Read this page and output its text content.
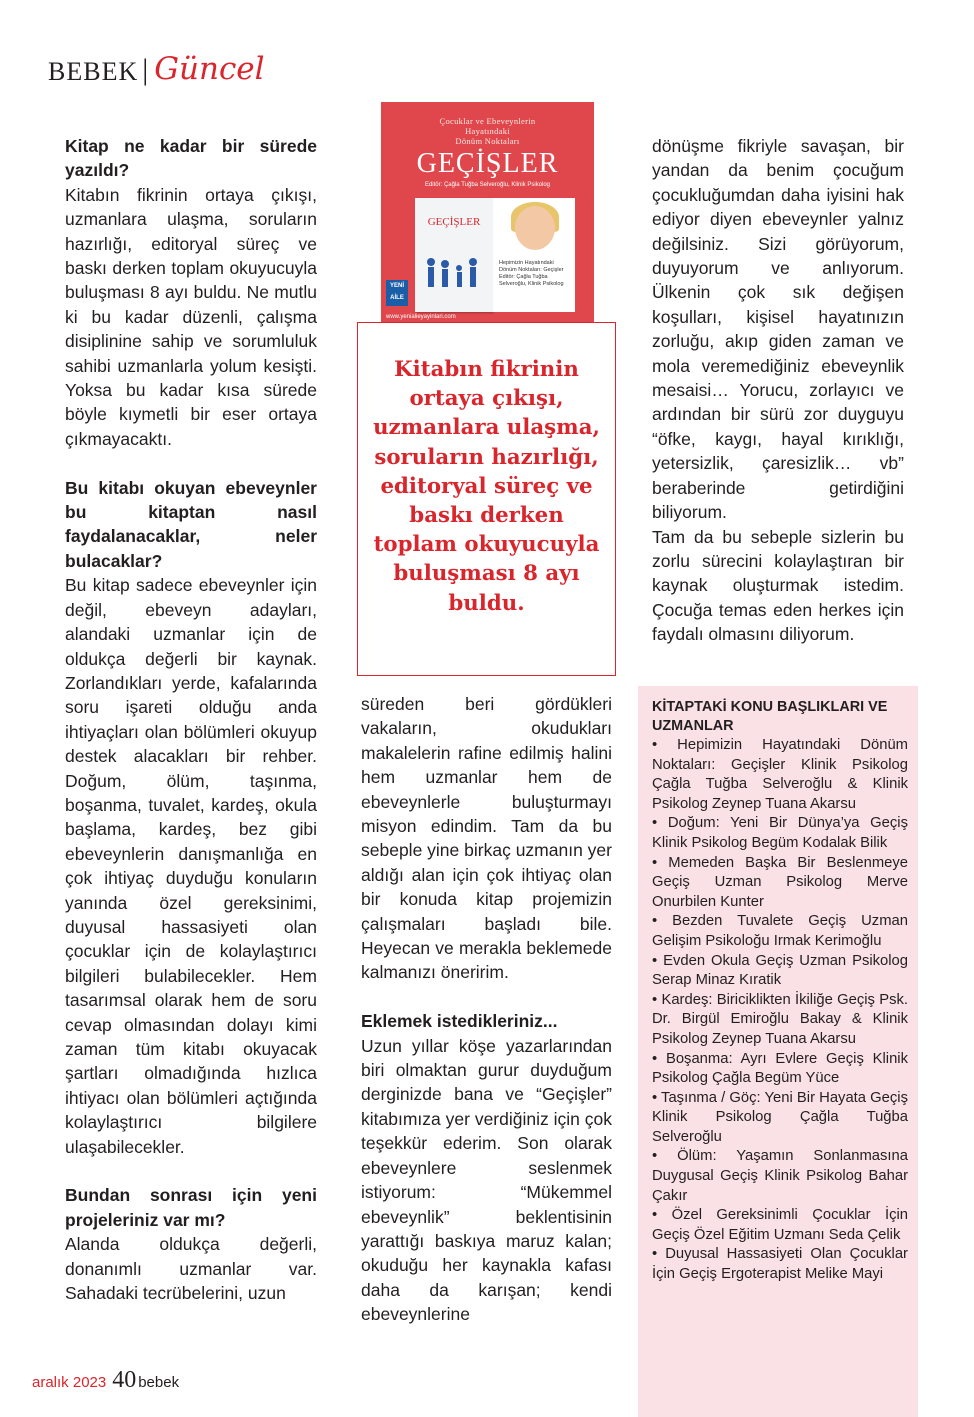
BEBEK | Güncel

Kitap ne kadar bir sürede yazıldı?

Kitabın fikrinin ortaya çıkışı, uzmanlara ulaşma, soruların hazırlığı, editoryal süreç ve baskı derken toplam okuyucuyla buluşması 8 ayı buldu. Ne mutlu ki bu kadar düzenli, çalışma disiplinine sahip ve sorumluluk sahibi uzmanlarla yolum kesişti. Yoksa bu kadar kısa sürede böyle kıymetli bir eser ortaya çıkmayacaktı.

Bu kitabı okuyan ebeveynler bu kitaptan nasıl faydalanacaklar, neler bulacaklar?

Bu kitap sadece ebeveynler için değil, ebeveyn adayları, alandaki uzmanlar için de oldukça değerli bir kaynak. Zorlandıkları yerde, kafalarında soru işareti olduğu anda ihtiyaçları olan bölümleri okuyup destek alacakları bir rehber. Doğum, ölüm, taşınma, boşanma, tuvalet, kardeş, okula başlama, kardeş, bez gibi ebeveynlerin danışmanlığa en çok ihtiyaç duyduğu konuların yanında özel gereksinimi, duyusal hassasiyeti olan çocuklar için de kolaylaştırıcı bilgileri bulabilecekler. Hem tasarımsal olarak hem de soru cevap olmasından dolayı kimi zaman tüm kitabı okuyacak şartları olmadığında hızlıca ihtiyacı olan bölümleri açtığında kolaylaştırıcı bilgilere ulaşabilecekler.

Bundan sonrası için yeni projeleriniz var mı?

Alanda oldukça değerli, donanımlı uzmanlar var. Sahadaki tecrübelerini, uzun

Çocuklar ve Ebeveynlerin
Hayatındaki
Dönüm Noktaları
GEÇİŞLER
Editör: Çağla Tuğba Selveroğlu, Klinik Psikolog
GEÇİŞLER
Hepimizin Hayatındaki Dönüm Noktaları: Geçişler
Editör: Çağla Tuğba Selveroğlu, Klinik Psikolog
YENİ AİLE
www.yenialieyayinlari.com

Kitabın fikrinin ortaya çıkışı, uzmanlara ulaşma, soruların hazırlığı, editoryal süreç ve baskı derken toplam okuyucuyla buluşması 8 ayı buldu.

süreden beri gördükleri vakaların, okudukları makalelerin rafine edilmiş halini hem uzmanlar hem de ebeveynlerle buluşturmayı misyon edindim. Tam da bu sebeple yine birkaç uzmanın yer aldığı alan için çok ihtiyaç olan bir konuda kitap projemizin çalışmaları başladı bile. Heyecan ve merakla beklemede kalmanızı öneririm.

Eklemek istedikleriniz...

Uzun yıllar köşe yazarlarından biri olmaktan gurur duyduğum derginizde bana ve “Geçişler” kitabımıza yer verdiğiniz için çok teşekkür ederim. Son olarak ebeveynlere seslenmek istiyorum: “Mükemmel ebeveynlik” beklentisinin yarattığı baskıya maruz kalan; okuduğu her kaynakla kafası daha da karışan; kendi ebeveynlerine

dönüşme fikriyle savaşan, bir yandan da benim çocuğum çocukluğumdan daha iyisini hak ediyor diyen ebeveynler yalnız değilsiniz. Sizi görüyorum, duyuyorum ve anlıyorum. Ülkenin çok sık değişen koşulları, kişisel hayatınızın zorluğu, akıp giden zaman ve mola veremediğiniz ebeveynlik mesaisi… Yorucu, zorlayıcı ve ardından bir sürü zor duyguyu “öfke, kaygı, hayal kırıklığı, yetersizlik, çaresizlik… vb” beraberinde getirdiğini biliyorum.

Tam da bu sebeple sizlerin bu zorlu sürecini kolaylaştıran bir kaynak oluşturmak istedim. Çocuğa temas eden herkes için faydalı olmasını diliyorum.

KİTAPTAKİ KONU BAŞLIKLARI VE UZMANLAR
• Hepimizin Hayatındaki Dönüm Noktaları: Geçişler Klinik Psikolog Çağla Tuğba Selveroğlu & Klinik Psikolog Zeynep Tuana Akarsu
• Doğum: Yeni Bir Dünya’ya Geçiş Klinik Psikolog Begüm Kodalak Bilik
• Memeden Başka Bir Beslenmeye Geçiş Uzman Psikolog Merve Onurbilen Kunter
• Bezden Tuvalete Geçiş Uzman Gelişim Psikoloğu Irmak Kerimoğlu
• Evden Okula Geçiş Uzman Psikolog Serap Minaz Kıratik
• Kardeş: Biriciklikten İkiliğe Geçiş Psk. Dr. Birgül Emiroğlu Bakay & Klinik Psikolog Zeynep Tuana Akarsu
• Boşanma: Ayrı Evlere Geçiş Klinik Psikolog Çağla Begüm Yüce
• Taşınma / Göç: Yeni Bir Hayata Geçiş Klinik Psikolog Çağla Tuğba Selveroğlu
• Ölüm: Yaşamın Sonlanmasına Duygusal Geçiş Klinik Psikolog Bahar Çakır
• Özel Gereksinimli Çocuklar İçin Geçiş Özel Eğitim Uzmanı Seda Çelik
• Duyusal Hassasiyeti Olan Çocuklar İçin Geçiş Ergoterapist Melike Mayi
aralık 2023 40 bebek
